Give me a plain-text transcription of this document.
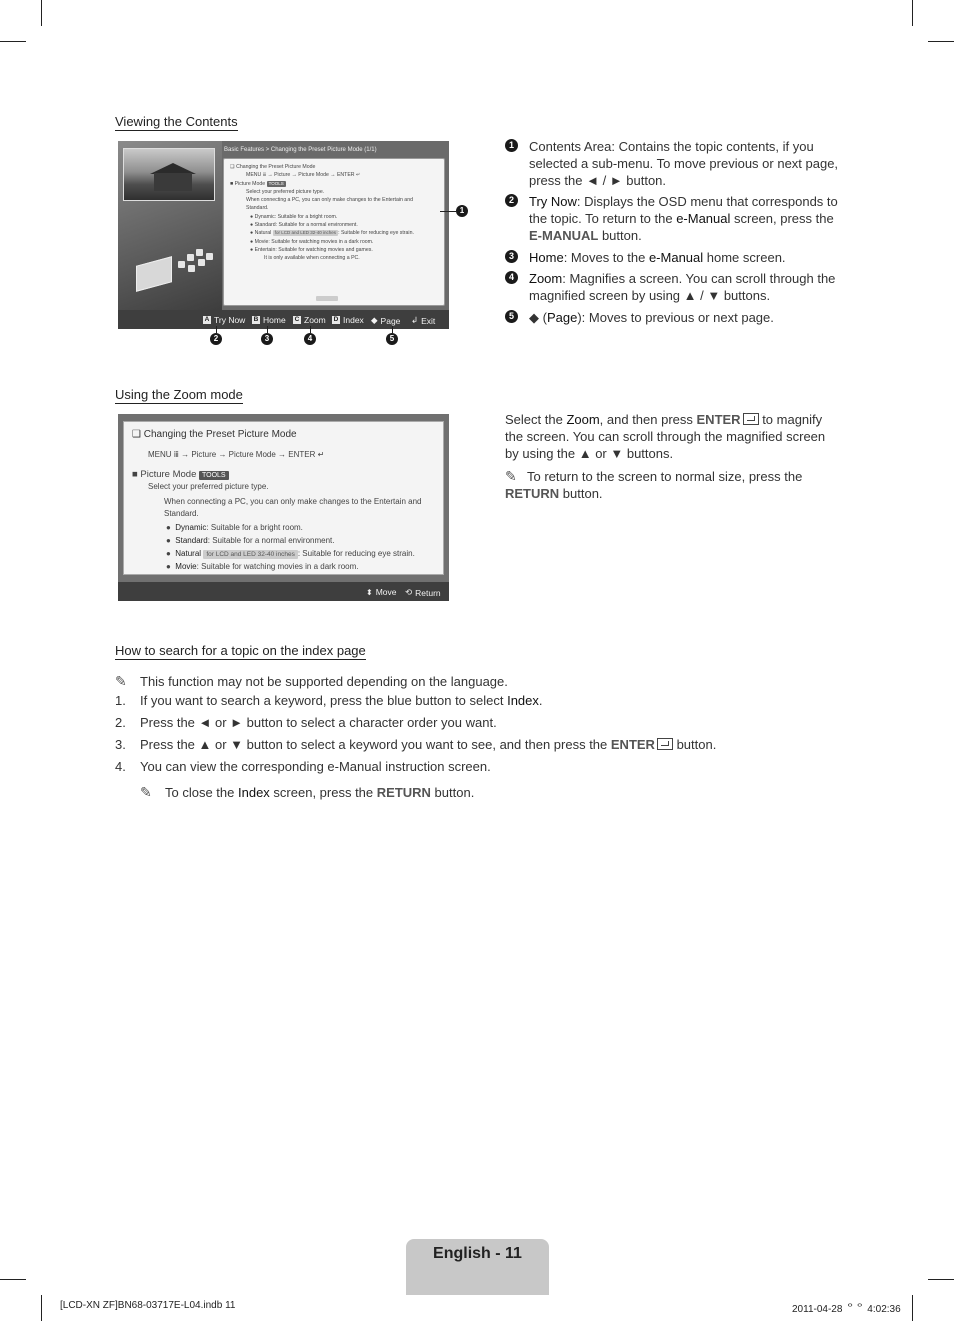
Viewing the Contents
Basic Features > Changing the Preset Picture Mode (1/1)
❑ Changing the Preset Picture Mode
MENU ⅲ → Picture → Picture Mode → ENTER ↵
■ Picture Mode TOOLS
Select your preferred picture type.
When connecting a PC, you can only make changes to the Entertain and
Standard.
● Dynamic: Suitable for a bright room.
● Standard: Suitable for a normal environment.
● Natural for LCD and LED 32-40 inches : Suitable for reducing eye strain.
● Movie: Suitable for watching movies in a dark room.
● Entertain: Suitable for watching movies and games.
It is only available when connecting a PC.
A Try Now B Home C Zoom D Index ◆ Page ↲ Exit
1
2	3	4	5
1	Contents Area: Contains the topic contents, if you selected a sub-menu. To move previous or next page, press the ◄ / ► button.
2	Try Now: Displays the OSD menu that corresponds to the topic. To return to the e-Manual screen, press the E-MANUAL button.
3	Home: Moves to the e-Manual home screen.
4	Zoom: Magnifies a screen. You can scroll through the magnified screen by using ▲ / ▼ buttons.
5	◆ (Page): Moves to previous or next page.
Using the Zoom mode
❑ Changing the Preset Picture Mode
MENU ⅲ → Picture → Picture Mode → ENTER ↵
■ Picture Mode TOOLS
Select your preferred picture type.
When connecting a PC, you can only make changes to the Entertain and
Standard.
●  Dynamic: Suitable for a bright room.
●  Standard: Suitable for a normal environment.
●  Natural for LCD and LED 32-40 inches : Suitable for reducing eye strain.
●  Movie: Suitable for watching movies in a dark room.
⬍ Move ⟲ Return
Select the Zoom, and then press ENTER to magnify the screen. You can scroll through the magnified screen by using the ▲ or ▼ buttons.
✎ To return to the screen to normal size, press the RETURN button.
How to search for a topic on the index page
✎ This function may not be supported depending on the language.
1. If you want to search a keyword, press the blue button to select Index.
2. Press the ◄ or ► button to select a character order you want.
3. Press the ▲ or ▼ button to select a keyword you want to see, and then press the ENTER button.
4. You can view the corresponding e-Manual instruction screen.
✎ To close the Index screen, press the RETURN button.
English - 11
[LCD-XN ZF]BN68-03717E-L04.indb 11	2011-04-28 ᄋᄋ 4:02:36
